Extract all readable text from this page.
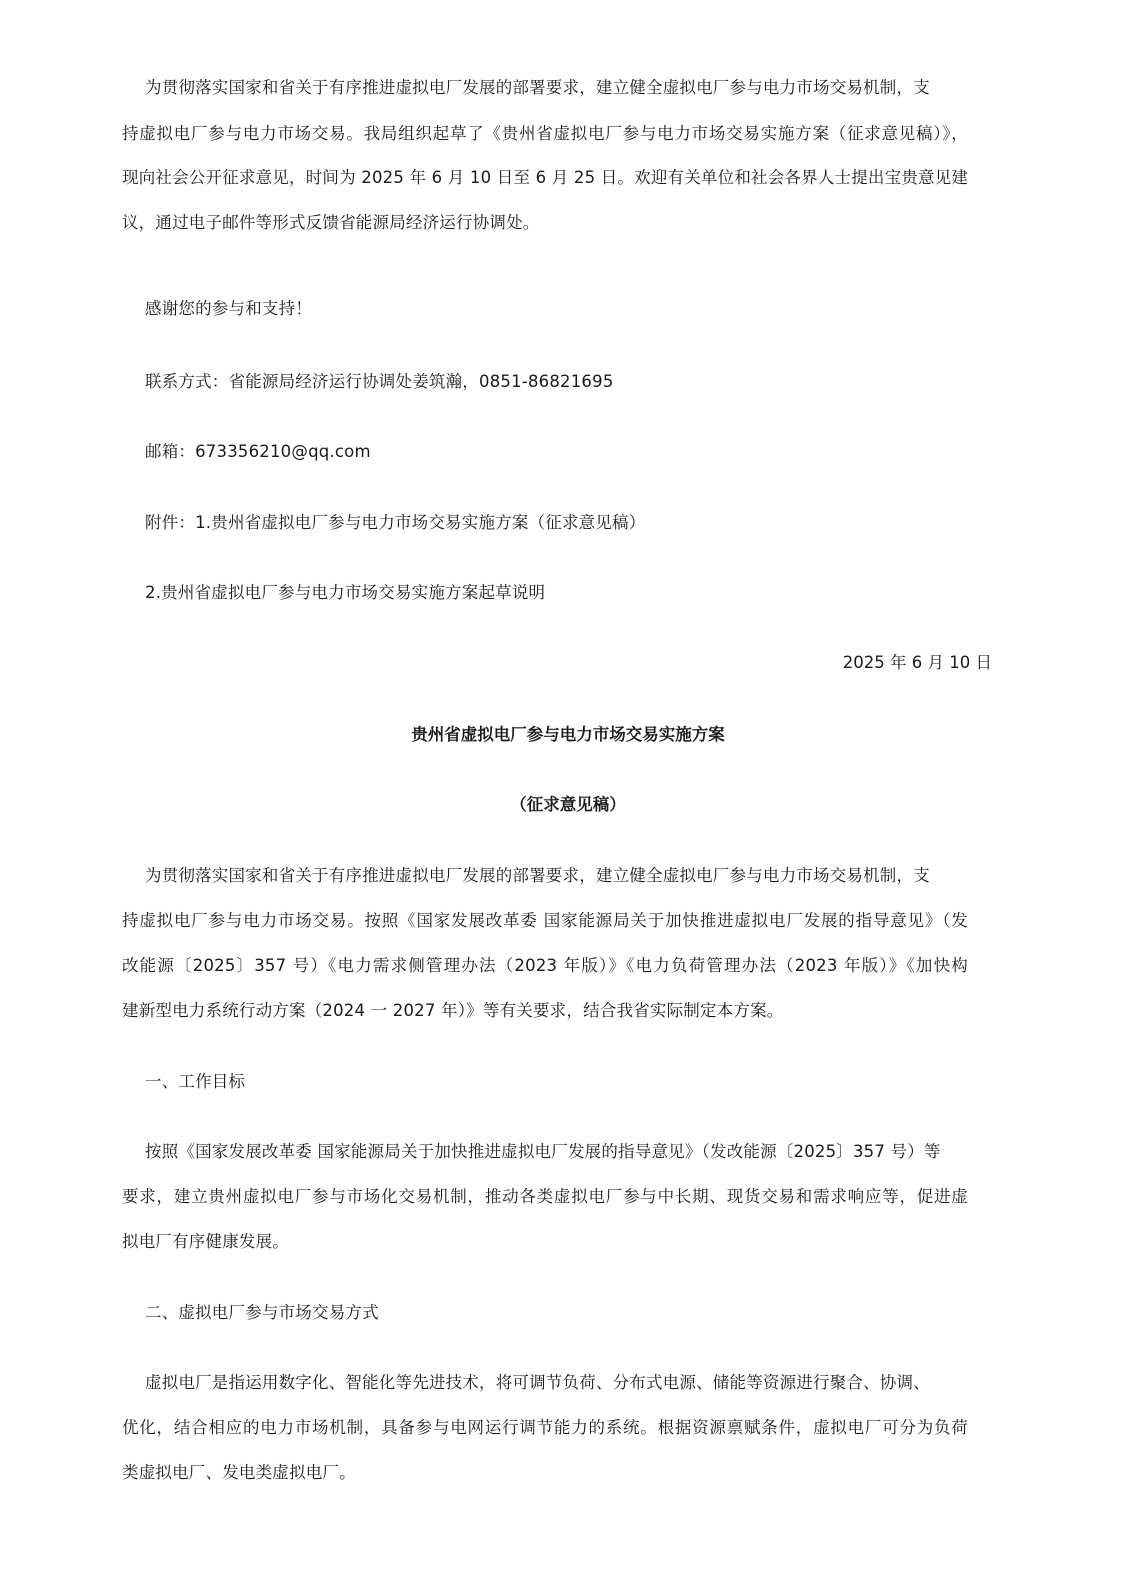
为贯彻落实国家和省关于有序推进虚拟电厂发展的部署要求，建立健全虚拟电厂参与电力市场交易机制，支
持虚拟电厂参与电力市场交易。我局组织起草了《贵州省虚拟电厂参与电力市场交易实施方案（征求意见稿）》，
现向社会公开征求意见，时间为 2025 年 6 月 10 日至 6 月 25 日。欢迎有关单位和社会各界人士提出宝贵意见建
议，通过电子邮件等形式反馈省能源局经济运行协调处。
感谢您的参与和支持！
联系方式：省能源局经济运行协调处姜筑瀚，0851-86821695
邮箱：673356210@qq.com
附件：1.贵州省虚拟电厂参与电力市场交易实施方案（征求意见稿）
2.贵州省虚拟电厂参与电力市场交易实施方案起草说明
2025 年 6 月 10 日
贵州省虚拟电厂参与电力市场交易实施方案
（征求意见稿）
为贯彻落实国家和省关于有序推进虚拟电厂发展的部署要求，建立健全虚拟电厂参与电力市场交易机制，支
持虚拟电厂参与电力市场交易。按照《国家发展改革委 国家能源局关于加快推进虚拟电厂发展的指导意见》（发
改能源〔2025〕357 号）《电力需求侧管理办法（2023 年版）》《电力负荷管理办法（2023 年版）》《加快构
建新型电力系统行动方案（2024 一 2027 年）》等有关要求，结合我省实际制定本方案。
一、工作目标
按照《国家发展改革委 国家能源局关于加快推进虚拟电厂发展的指导意见》（发改能源〔2025〕357 号）等
要求，建立贵州虚拟电厂参与市场化交易机制，推动各类虚拟电厂参与中长期、现货交易和需求响应等，促进虚
拟电厂有序健康发展。
二、虚拟电厂参与市场交易方式
虚拟电厂是指运用数字化、智能化等先进技术，将可调节负荷、分布式电源、储能等资源进行聚合、协调、
优化，结合相应的电力市场机制，具备参与电网运行调节能力的系统。根据资源禀赋条件，虚拟电厂可分为负荷
类虚拟电厂、发电类虚拟电厂。
